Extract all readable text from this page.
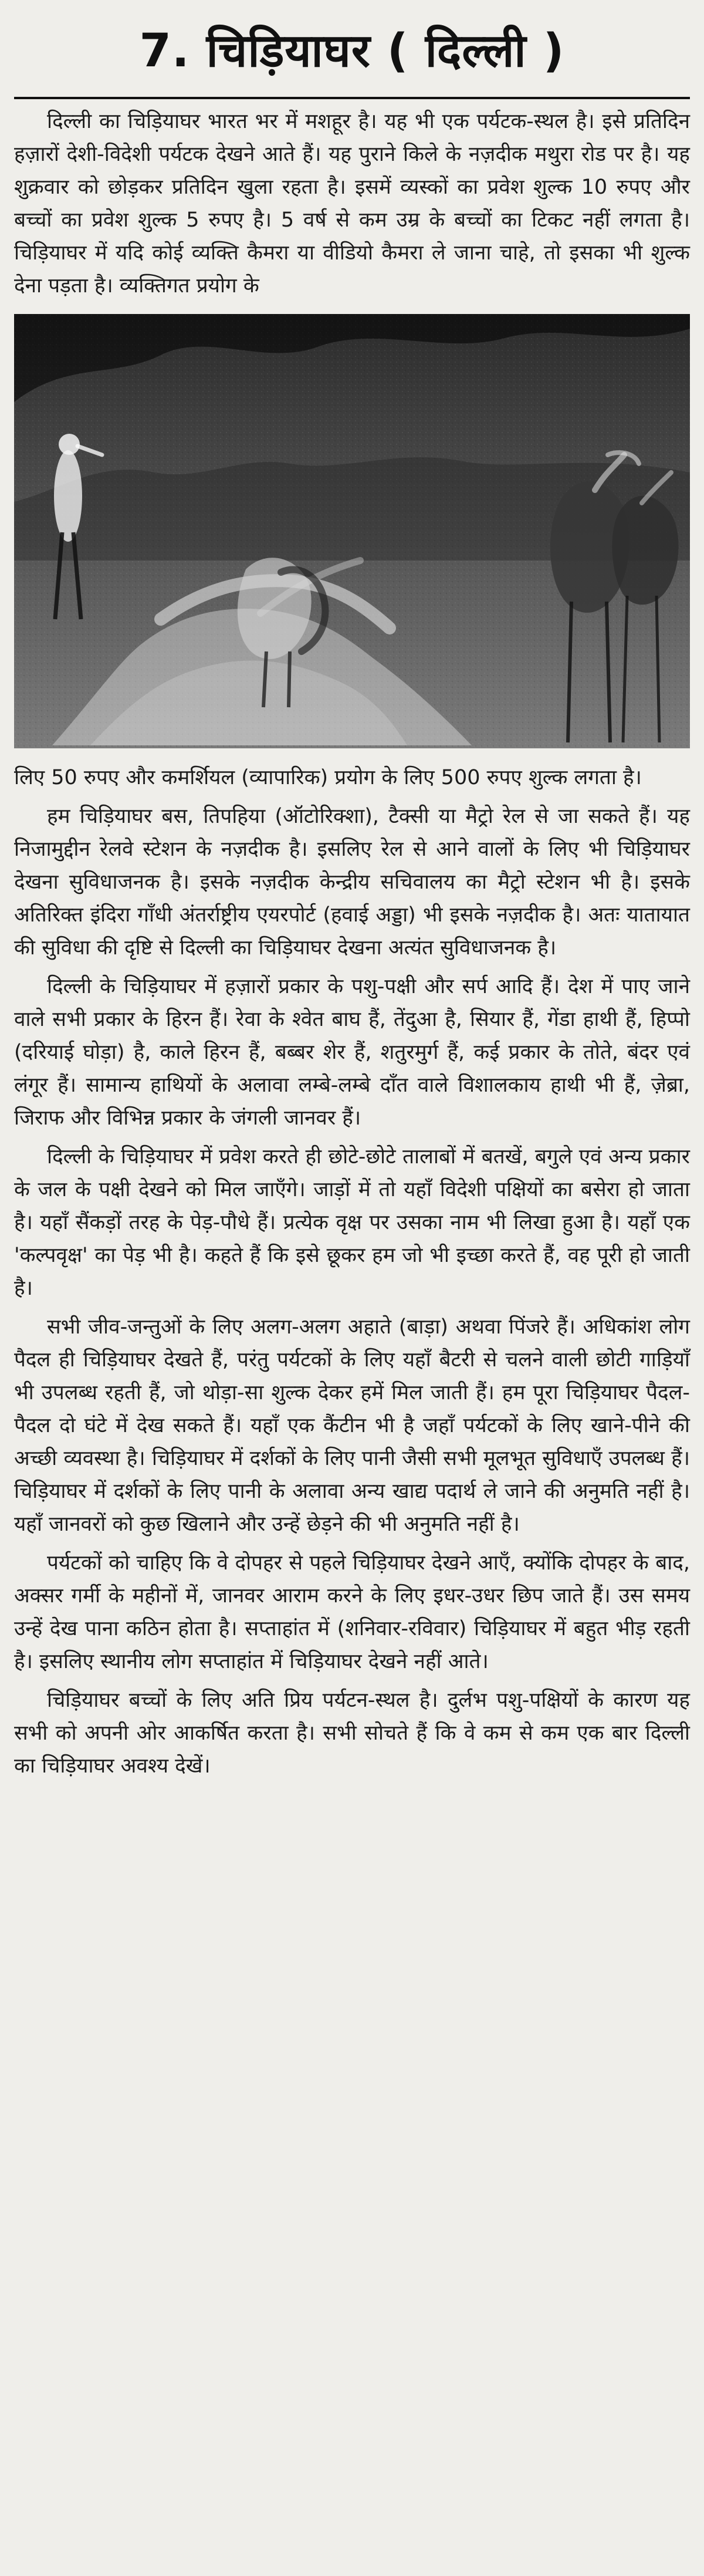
7. चिड़ियाघर ( दिल्ली )

दिल्ली का चिड़ियाघर भारत भर में मशहूर है। यह भी एक पर्यटक-स्थल है। इसे प्रतिदिन हज़ारों देशी-विदेशी पर्यटक देखने आते हैं। यह पुराने किले के नज़दीक मथुरा रोड पर है। यह शुक्रवार को छोड़कर प्रतिदिन खुला रहता है। इसमें व्यस्कों का प्रवेश शुल्क 10 रुपए और बच्चों का प्रवेश शुल्क 5 रुपए है। 5 वर्ष से कम उम्र के बच्चों का टिकट नहीं लगता है। चिड़ियाघर में यदि कोई व्यक्ति कैमरा या वीडियो कैमरा ले जाना चाहे, तो इसका भी शुल्क देना पड़ता है। व्यक्तिगत प्रयोग के

लिए 50 रुपए और कमर्शियल (व्यापारिक) प्रयोग के लिए 500 रुपए शुल्क लगता है।

हम चिड़ियाघर बस, तिपहिया (ऑटोरिक्शा), टैक्सी या मैट्रो रेल से जा सकते हैं। यह निजामुद्दीन रेलवे स्टेशन के नज़दीक है। इसलिए रेल से आने वालों के लिए भी चिड़ियाघर देखना सुविधाजनक है। इसके नज़दीक केन्द्रीय सचिवालय का मैट्रो स्टेशन भी है। इसके अतिरिक्त इंदिरा गाँधी अंतर्राष्ट्रीय एयरपोर्ट (हवाई अड्डा) भी इसके नज़दीक है। अतः यातायात की सुविधा की दृष्टि से दिल्ली का चिड़ियाघर देखना अत्यंत सुविधाजनक है।

दिल्ली के चिड़ियाघर में हज़ारों प्रकार के पशु-पक्षी और सर्प आदि हैं। देश में पाए जाने वाले सभी प्रकार के हिरन हैं। रेवा के श्वेत बाघ हैं, तेंदुआ है, सियार हैं, गेंडा हाथी हैं, हिप्पो (दरियाई घोड़ा) है, काले हिरन हैं, बब्बर शेर हैं, शतुरमुर्ग हैं, कई प्रकार के तोते, बंदर एवं लंगूर हैं। सामान्य हाथियों के अलावा लम्बे-लम्बे दाँत वाले विशालकाय हाथी भी हैं, ज़ेब्रा, जिराफ और विभिन्न प्रकार के जंगली जानवर हैं।

दिल्ली के चिड़ियाघर में प्रवेश करते ही छोटे-छोटे तालाबों में बतखें, बगुले एवं अन्य प्रकार के जल के पक्षी देखने को मिल जाएँगे। जाड़ों में तो यहाँ विदेशी पक्षियों का बसेरा हो जाता है। यहाँ सैंकड़ों तरह के पेड़-पौधे हैं। प्रत्येक वृक्ष पर उसका नाम भी लिखा हुआ है। यहाँ एक 'कल्पवृक्ष' का पेड़ भी है। कहते हैं कि इसे छूकर हम जो भी इच्छा करते हैं, वह पूरी हो जाती है।

सभी जीव-जन्तुओं के लिए अलग-अलग अहाते (बाड़ा) अथवा पिंजरे हैं। अधिकांश लोग पैदल ही चिड़ियाघर देखते हैं, परंतु पर्यटकों के लिए यहाँ बैटरी से चलने वाली छोटी गाड़ियाँ भी उपलब्ध रहती हैं, जो थोड़ा-सा शुल्क देकर हमें मिल जाती हैं। हम पूरा चिड़ियाघर पैदल-पैदल दो घंटे में देख सकते हैं। यहाँ एक कैंटीन भी है जहाँ पर्यटकों के लिए खाने-पीने की अच्छी व्यवस्था है। चिड़ियाघर में दर्शकों के लिए पानी जैसी सभी मूलभूत सुविधाएँ उपलब्ध हैं। चिड़ियाघर में दर्शकों के लिए पानी के अलावा अन्य खाद्य पदार्थ ले जाने की अनुमति नहीं है। यहाँ जानवरों को कुछ खिलाने और उन्हें छेड़ने की भी अनुमति नहीं है।

पर्यटकों को चाहिए कि वे दोपहर से पहले चिड़ियाघर देखने आएँ, क्योंकि दोपहर के बाद, अक्सर गर्मी के महीनों में, जानवर आराम करने के लिए इधर-उधर छिप जाते हैं। उस समय उन्हें देख पाना कठिन होता है। सप्ताहांत में (शनिवार-रविवार) चिड़ियाघर में बहुत भीड़ रहती है। इसलिए स्थानीय लोग सप्ताहांत में चिड़ियाघर देखने नहीं आते।

चिड़ियाघर बच्चों के लिए अति प्रिय पर्यटन-स्थल है। दुर्लभ पशु-पक्षियों के कारण यह सभी को अपनी ओर आकर्षित करता है। सभी सोचते हैं कि वे कम से कम एक बार दिल्ली का चिड़ियाघर अवश्य देखें।
